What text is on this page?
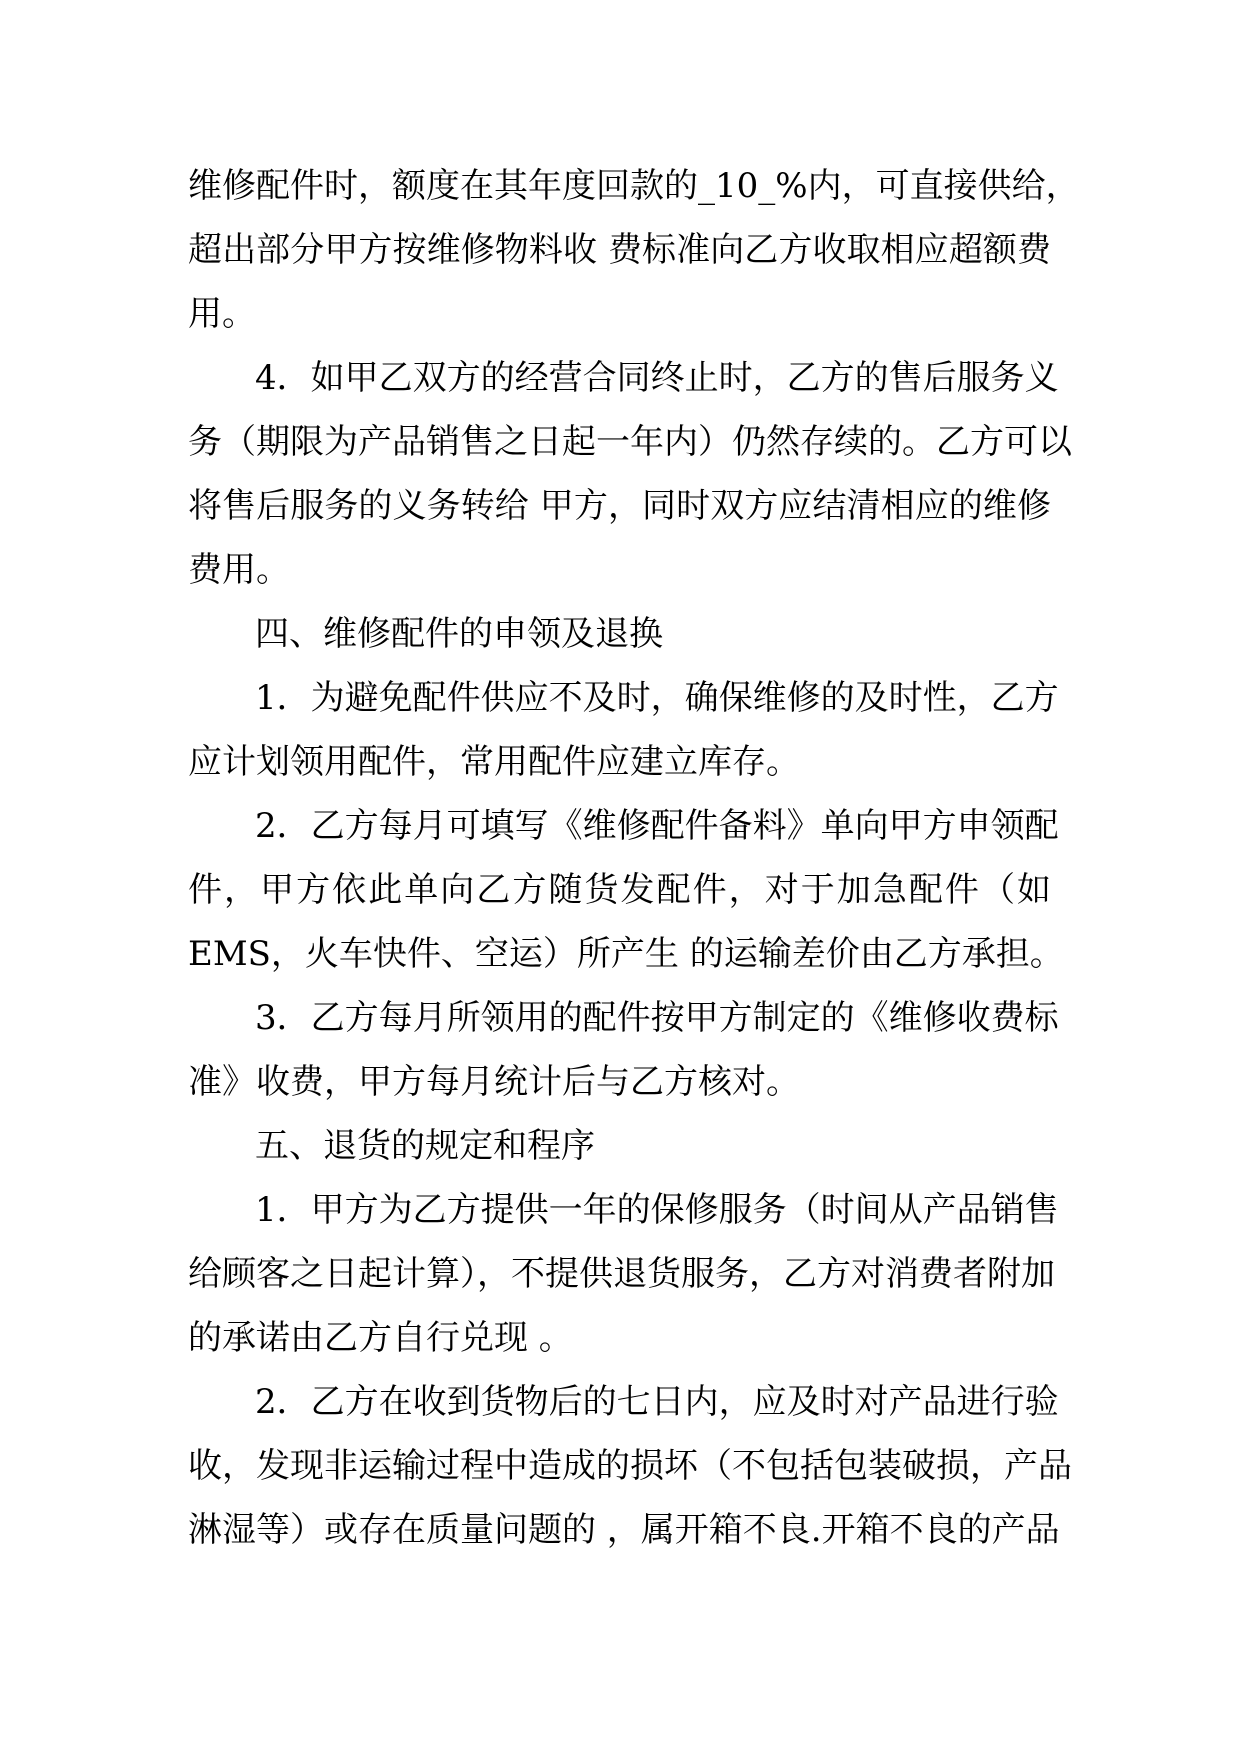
维修配件时，额度在其年度回款的_10_%内，可直接供给，
超出部分甲方按维修物料收 费标准向乙方收取相应超额费
用。
4．如甲乙双方的经营合同终止时，乙方的售后服务义
务（期限为产品销售之日起一年内）仍然存续的。乙方可以
将售后服务的义务转给 甲方，同时双方应结清相应的维修
费用。
四、维修配件的申领及退换
1．为避免配件供应不及时，确保维修的及时性，乙方
应计划领用配件，常用配件应建立库存。
2．乙方每月可填写《维修配件备料》单向甲方申领配
件，甲方依此单向乙方随货发配件，对于加急配件（如
EMS，火车快件、空运）所产生 的运输差价由乙方承担。
3．乙方每月所领用的配件按甲方制定的《维修收费标
准》收费，甲方每月统计后与乙方核对。
五、退货的规定和程序
1．甲方为乙方提供一年的保修服务（时间从产品销售
给顾客之日起计算），不提供退货服务，乙方对消费者附加
的承诺由乙方自行兑现 。
2．乙方在收到货物后的七日内，应及时对产品进行验
收，发现非运输过程中造成的损坏（不包括包装破损，产品
淋湿等）或存在质量问题的 ，属开箱不良.开箱不良的产品
